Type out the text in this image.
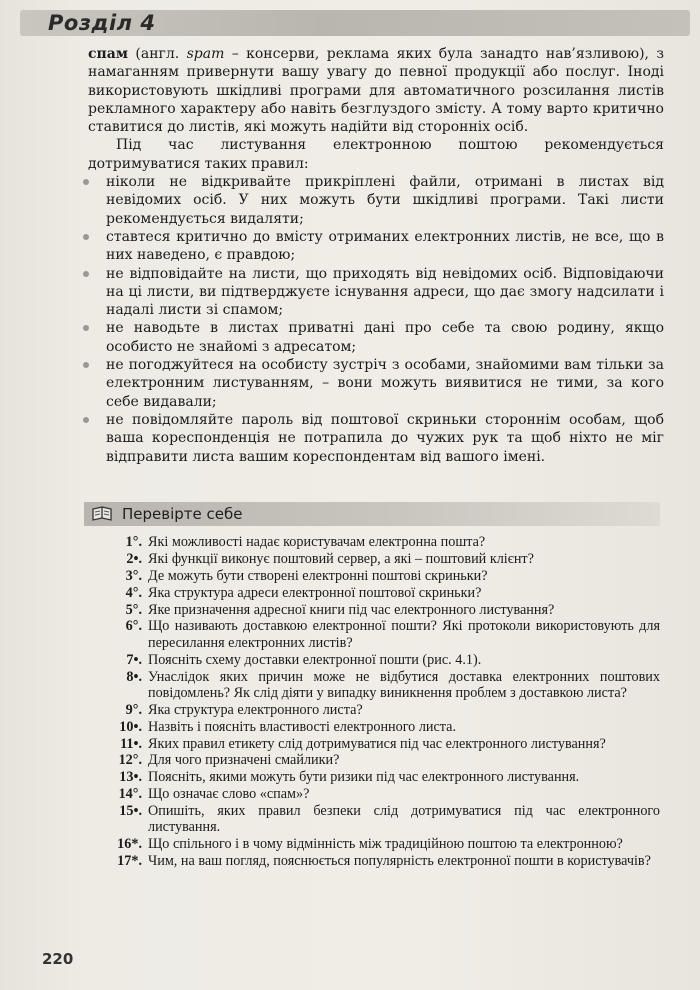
Розділ 4

спам (англ. spam – консерви, реклама яких була занадто нав’язливою), з намаганням привернути вашу увагу до певної продукції або послуг. Іноді використовують шкідливі програми для автоматичного розсилання листів рекламного характеру або навіть безглуздого змісту. А тому варто критично ставитися до листів, які можуть надійти від сторонніх осіб.

Під час листування електронною поштою рекомендується дотримуватися таких правил:

ніколи не відкривайте прикріплені файли, отримані в листах від невідомих осіб. У них можуть бути шкідливі програми. Такі листи рекомендується видаляти;
ставтеся критично до вмісту отриманих електронних листів, не все, що в них наведено, є правдою;
не відповідайте на листи, що приходять від невідомих осіб. Відповідаючи на ці листи, ви підтверджуєте існування адреси, що дає змогу надсилати і надалі листи зі спамом;
не наводьте в листах приватні дані про себе та свою родину, якщо особисто не знайомі з адресатом;
не погоджуйтеся на особисту зустріч з особами, знайомими вам тільки за електронним листуванням, – вони можуть виявитися не тими, за кого себе видавали;
не повідомляйте пароль від поштової скриньки стороннім особам, щоб ваша кореспонденція не потрапила до чужих рук та щоб ніхто не міг відправити листа вашим кореспондентам від вашого імені.
Перевірте себе
1°. Які можливості надає користувачам електронна пошта?
2•. Які функції виконує поштовий сервер, а які – поштовий клієнт?
3°. Де можуть бути створені електронні поштові скриньки?
4°. Яка структура адреси електронної поштової скриньки?
5°. Яке призначення адресної книги під час електронного листування?
6°. Що називають доставкою електронної пошти? Які протоколи використовують для пересилання електронних листів?
7•. Поясніть схему доставки електронної пошти (рис. 4.1).
8•. Унаслідок яких причин може не відбутися доставка електронних поштових повідомлень? Як слід діяти у випадку виникнення проблем з доставкою листа?
9°. Яка структура електронного листа?
10•. Назвіть і поясніть властивості електронного листа.
11•. Яких правил етикету слід дотримуватися під час електронного листування?
12°. Для чого призначені смайлики?
13•. Поясніть, якими можуть бути ризики під час електронного листування.
14°. Що означає слово «спам»?
15•. Опишіть, яких правил безпеки слід дотримуватися під час електронного листування.
16*. Що спільного і в чому відмінність між традиційною поштою та електронною?
17*. Чим, на ваш погляд, пояснюється популярність електронної пошти в користувачів?
220
